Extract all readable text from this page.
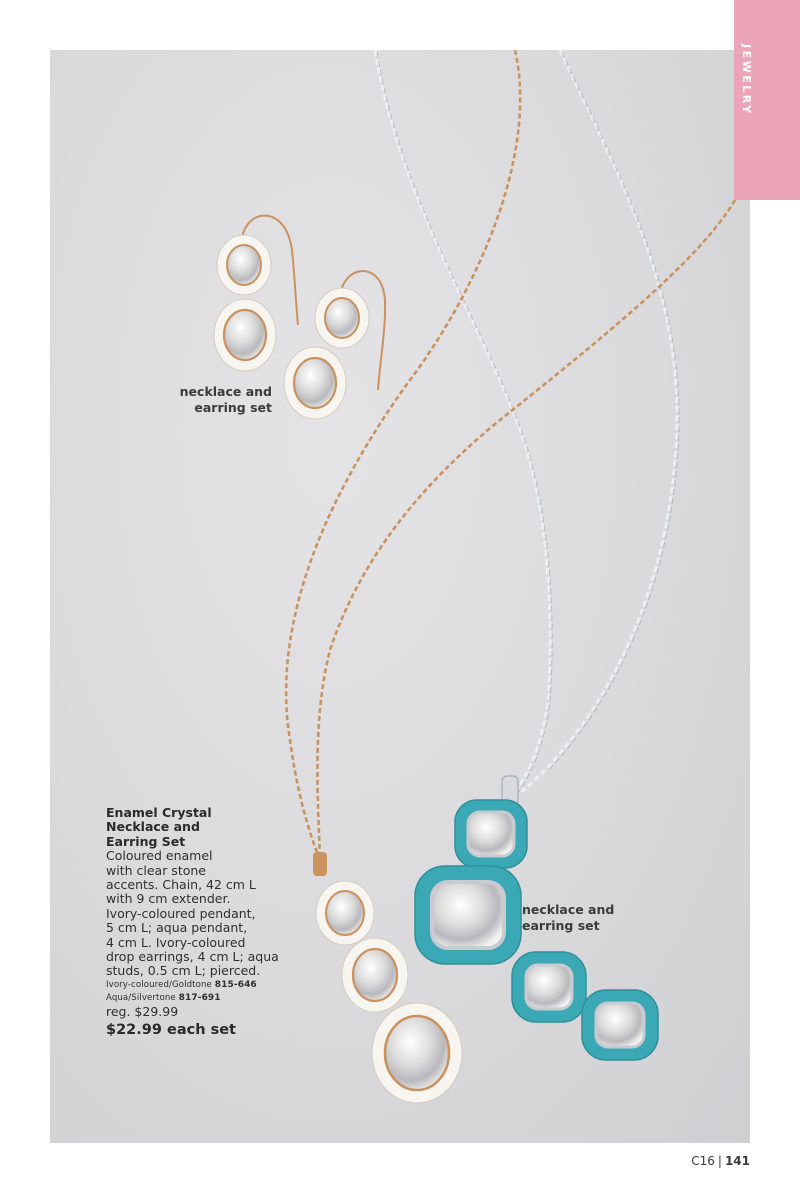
JEWELRY
necklace and
earring set
necklace and
earring set
Enamel Crystal
Necklace and
Earring Set
Coloured enamel
with clear stone
accents. Chain, 42 cm L
with 9 cm extender.
Ivory-coloured pendant,
5 cm L; aqua pendant,
4 cm L. Ivory-coloured
drop earrings, 4 cm L; aqua
studs, 0.5 cm L; pierced.
Ivory-coloured/Goldtone 815-646
Aqua/Silvertone 817-691
reg. $29.99
$22.99 each set
C16 | 141
